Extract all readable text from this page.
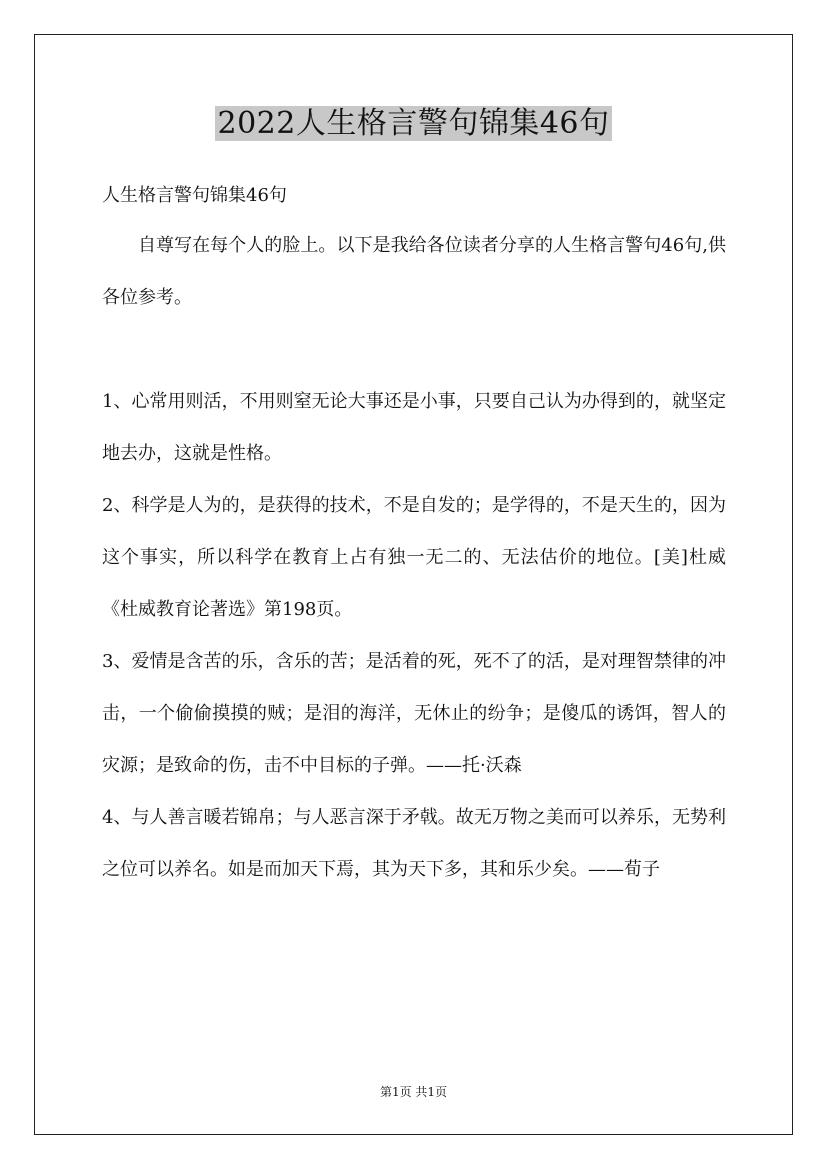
2022人生格言警句锦集46句

人生格言警句锦集46句

自尊写在每个人的脸上。以下是我给各位读者分享的人生格言警句46句,供各位参考。

1、心常用则活，不用则窒无论大事还是小事，只要自己认为办得到的，就坚定地去办，这就是性格。

2、科学是人为的，是获得的技术，不是自发的；是学得的，不是天生的，因为这个事实，所以科学在教育上占有独一无二的、无法估价的地位。[美]杜威《杜威教育论著选》第198页。

3、爱情是含苦的乐，含乐的苦；是活着的死，死不了的活，是对理智禁律的冲击，一个偷偷摸摸的贼；是泪的海洋，无休止的纷争；是傻瓜的诱饵，智人的灾源；是致命的伤，击不中目标的子弹。——托·沃森

4、与人善言暖若锦帛；与人恶言深于矛戟。故无万物之美而可以养乐，无势利之位可以养名。如是而加天下焉，其为天下多，其和乐少矣。——荀子

第1页 共1页
